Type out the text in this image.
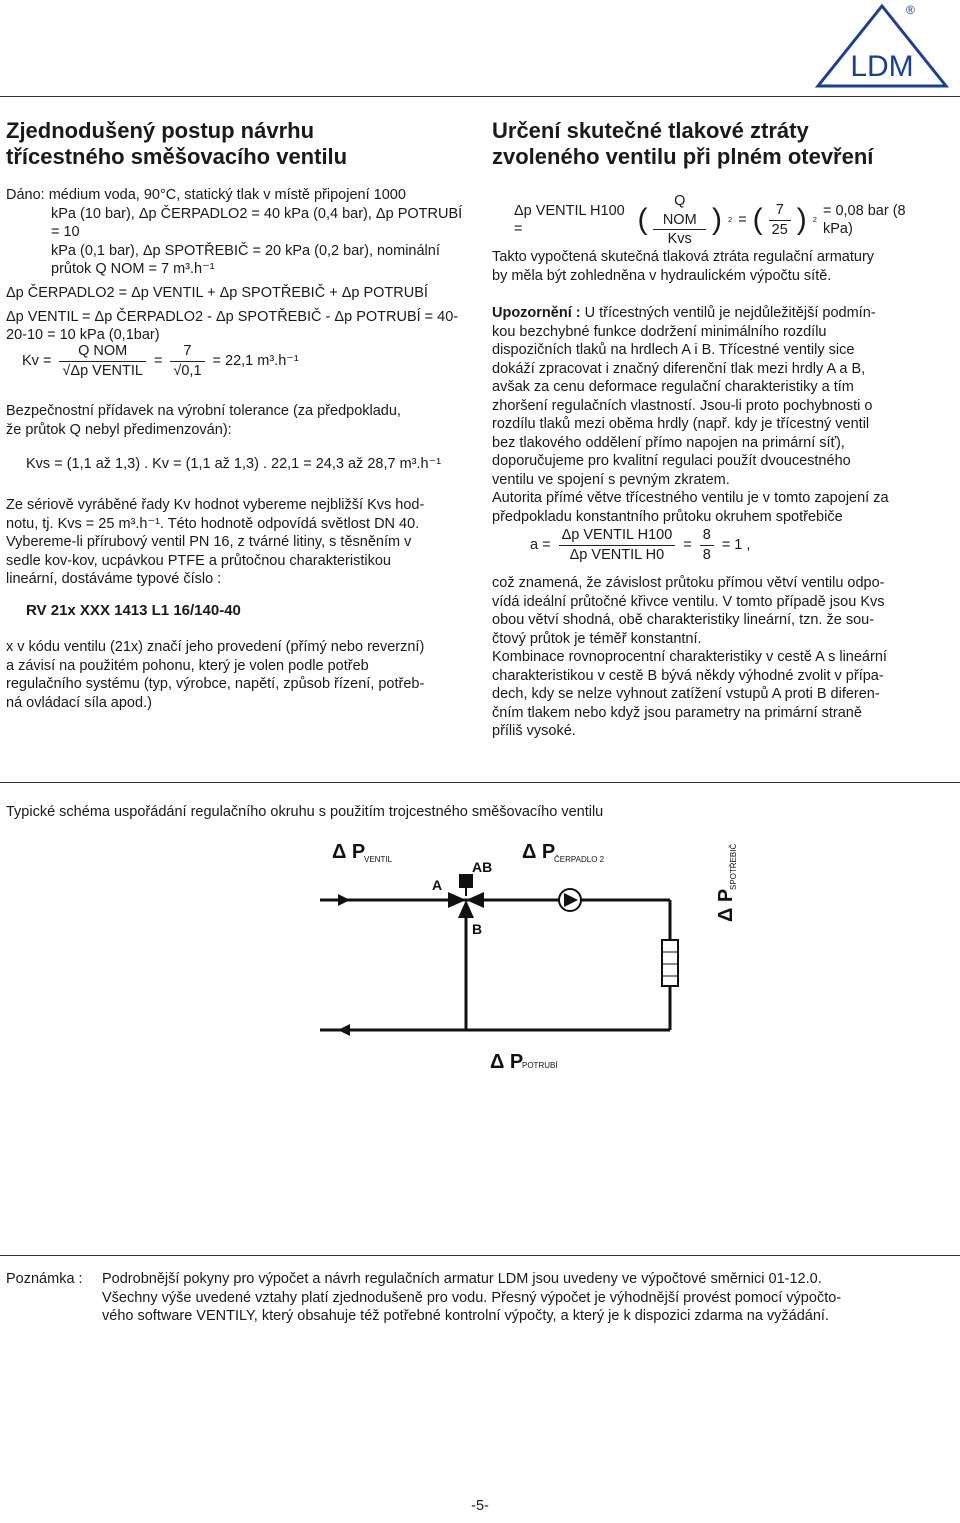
LDM
®
Zjednodušený postup návrhu
třícestného směšovacího ventilu

Dáno: médium voda, 90°C, statický tlak v místě připojení 1000

kPa (10 bar), Δp ČERPADLO2 = 40 kPa (0,4 bar), Δp POTRUBÍ = 10

kPa (0,1 bar), Δp SPOTŘEBIČ = 20 kPa (0,2 bar), nominální

průtok Q NOM = 7 m³.h⁻¹

Δp ČERPADLO2 = Δp VENTIL + Δp SPOTŘEBIČ + Δp POTRUBÍ

Δp VENTIL = Δp ČERPADLO2 - Δp SPOTŘEBIČ - Δp POTRUBÍ = 40-20-10 = 10 kPa (0,1bar)

$Kv = \frac{\text{Q NOM}}{\text{√Δp VENTIL}} = \frac{7}{√0,1} = 22,1$ m³.h⁻¹

Bezpečnostní přídavek na výrobní tolerance (za předpokladu,

že průtok Q nebyl předimenzován):

Kvs = (1,1 až 1,3) . Kv = (1,1 až 1,3) . 22,1 = 24,3 až 28,7 m³.h⁻¹

Ze sériově vyráběné řady Kv hodnot vybereme nejbližší Kvs hod-

notu, tj. Kvs = 25 m³.h⁻¹. Této hodnotě odpovídá světlost DN 40.

Vybereme-li přírubový ventil PN 16, z tvárné litiny, s těsněním v

sedle kov-kov, ucpávkou PTFE a průtočnou charakteristikou

lineární, dostáváme typové číslo :

RV 21x XXX 1413 L1 16/140-40

x v kódu ventilu (21x) značí jeho provedení (přímý nebo reverzní)

a závisí na použitém pohonu, který je volen podle potřeb

regulačního systému (typ, výrobce, napětí, způsob řízení, potřeb-

ná ovládací síla apod.)

Určení skutečné tlakové ztráty
zvoleného ventilu při plném otevření
Δp VENTIL H100 =	( $\frac{\text{Q NOM}}{\text{Kvs}}$ ) 2 = ( $\frac{7}{25}$ ) 2
= 0,08 bar (8 kPa)

Takto vypočtená skutečná tlaková ztráta regulační armatury

by měla být zohledněna v hydraulickém výpočtu sítě.

Upozornění : U třícestných ventilů je nejdůležitější podmín-

kou bezchybné funkce dodržení minimálního rozdílu

dispozičních tlaků na hrdlech A i B. Třícestné ventily sice

dokáží zpracovat i značný diferenční tlak mezi hrdly A a B,

avšak za cenu deformace regulační charakteristiky a tím

zhoršení regulačních vlastností. Jsou-li proto pochybnosti o

rozdílu tlaků mezi oběma hrdly (např. kdy je třícestný ventil

bez tlakového oddělení přímo napojen na primární síť),

doporučujeme pro kvalitní regulaci použít dvoucestného

ventilu ve spojení s pevným zkratem.

Autorita přímé větve třícestného ventilu je v tomto zapojení za

předpokladu konstantního průtoku okruhem spotřebiče

$a = \frac{\text{Δp VENTIL H100}}{\text{Δp VENTIL H0}} = \frac{8}{8} = 1$ ,

což znamená, že závislost průtoku přímou větví ventilu odpo-

vídá ideální průtočné křivce ventilu. V tomto případě jsou Kvs

obou větví shodná, obě charakteristiky lineární, tzn. že sou-

čtový průtok je téměř konstantní.

Kombinace rovnoprocentní charakteristiky v cestě A s lineární

charakteristikou v cestě B bývá někdy výhodné zvolit v přípa-

dech, kdy se nelze vyhnout zatížení vstupů A proti B diferen-

čním tlakem nebo když jsou parametry na primární straně

příliš vysoké.

Typické schéma uspořádání regulačního okruhu s použitím trojcestného směšovacího ventilu
Δ P
VENTIL	Δ P
ČERPADLO 2
Δ P
SPOTŘEBIČ
Δ P
POTRUBÍ
A
AB
B
Poznámka :	Podrobnější pokyny pro výpočet a návrh regulačních armatur LDM jsou uvedeny ve výpočtové směrnici 01-12.0.

Všechny výše uvedené vztahy platí zjednodušeně pro vodu. Přesný výpočet je výhodnější provést pomocí výpočto-

vého software VENTILY, který obsahuje též potřebné kontrolní výpočty, a který je k dispozici zdarma na vyžádání.

-5-
